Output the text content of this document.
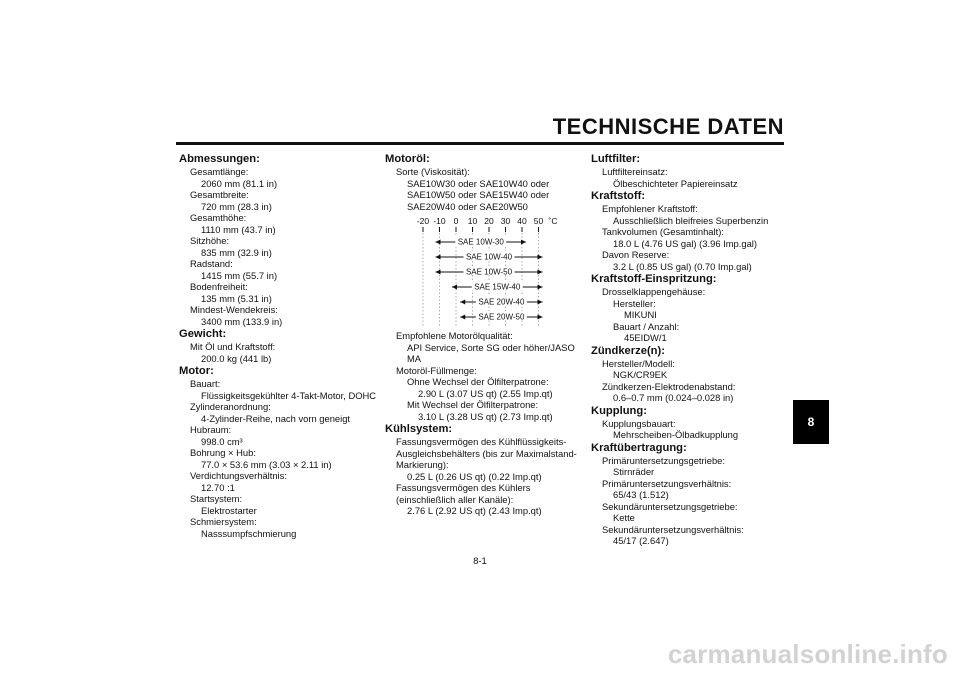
TECHNISCHE DATEN
8
Abmessungen:
Gesamtlänge:
2060 mm (81.1 in)
Gesamtbreite:
720 mm (28.3 in)
Gesamthöhe:
1110 mm (43.7 in)
Sitzhöhe:
835 mm (32.9 in)
Radstand:
1415 mm (55.7 in)
Bodenfreiheit:
135 mm (5.31 in)
Mindest-Wendekreis:
3400 mm (133.9 in)
Gewicht:
Mit Öl und Kraftstoff:
200.0 kg (441 lb)
Motor:
Bauart:
Flüssigkeitsgekühlter 4-Takt-Motor, DOHC
Zylinderanordnung:
4-Zylinder-Reihe, nach vorn geneigt
Hubraum:
998.0 cm³
Bohrung × Hub:
77.0 × 53.6 mm (3.03 × 2.11 in)
Verdichtungsverhältnis:
12.70 :1
Startsystem:
Elektrostarter
Schmiersystem:
Nasssumpfschmierung
Motoröl:
Sorte (Viskosität):
SAE10W30 oder SAE10W40 oder
SAE10W50 oder SAE15W40 oder
SAE20W40 oder SAE20W50
-20 -10 0 10 20 30 40 50 ˚C
SAE 10W-30
SAE 10W-40
SAE 10W-50
SAE 15W-40
SAE 20W-40
SAE 20W-50
Empfohlene Motorölqualität:
API Service, Sorte SG oder höher/JASO
MA
Motoröl-Füllmenge:
Ohne Wechsel der Ölfilterpatrone:
2.90 L (3.07 US qt) (2.55 Imp.qt)
Mit Wechsel der Ölfilterpatrone:
3.10 L (3.28 US qt) (2.73 Imp.qt)
Kühlsystem:
Fassungsvermögen des Kühlflüssigkeits-
Ausgleichsbehälters (bis zur Maximalstand-
Markierung):
0.25 L (0.26 US qt) (0.22 Imp.qt)
Fassungsvermögen des Kühlers
(einschließlich aller Kanäle):
2.76 L (2.92 US qt) (2.43 Imp.qt)
Luftfilter:
Luftfiltereinsatz:
Ölbeschichteter Papiereinsatz
Kraftstoff:
Empfohlener Kraftstoff:
Ausschließlich bleifreies Superbenzin
Tankvolumen (Gesamtinhalt):
18.0 L (4.76 US gal) (3.96 Imp.gal)
Davon Reserve:
3.2 L (0.85 US gal) (0.70 Imp.gal)
Kraftstoff-Einspritzung:
Drosselklappengehäuse:
Hersteller:
MIKUNI
Bauart / Anzahl:
45EIDW/1
Zündkerze(n):
Hersteller/Modell:
NGK/CR9EK
Zündkerzen-Elektrodenabstand:
0.6–0.7 mm (0.024–0.028 in)
Kupplung:
Kupplungsbauart:
Mehrscheiben-Ölbadkupplung
Kraftübertragung:
Primäruntersetzungsgetriebe:
Stirnräder
Primäruntersetzungsverhältnis:
65/43 (1.512)
Sekundäruntersetzungsgetriebe:
Kette
Sekundäruntersetzungsverhältnis:
45/17 (2.647)
8-1
carmanualsonline.info
